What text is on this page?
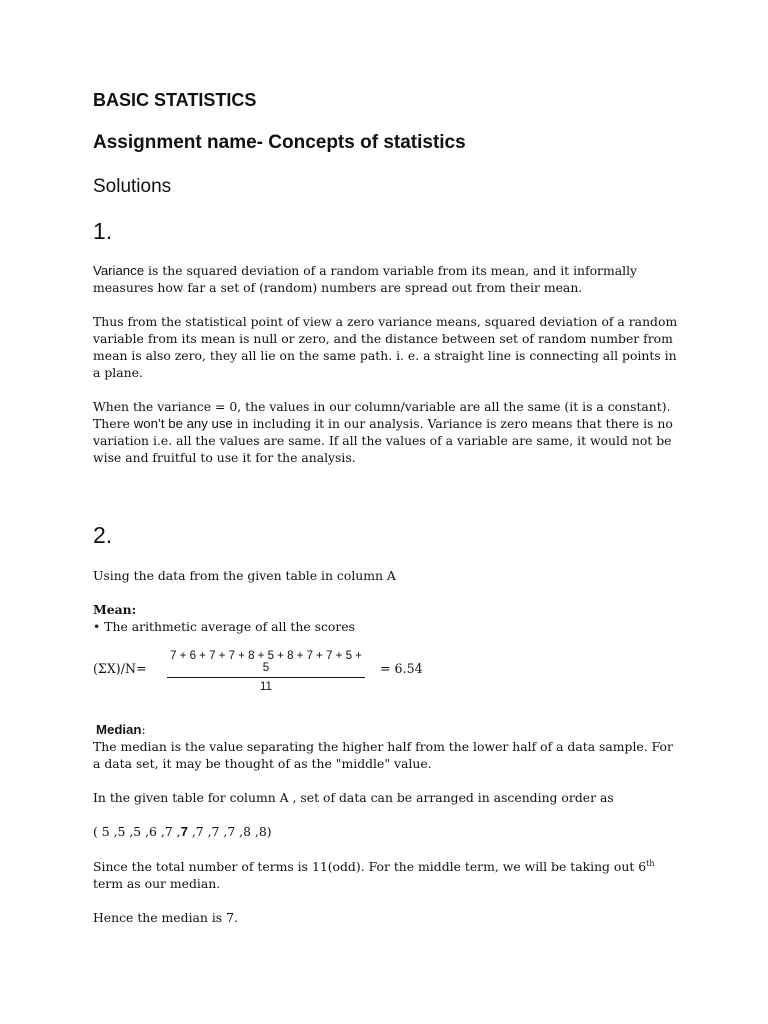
BASIC STATISTICS
Assignment name- Concepts of statistics
Solutions
1.

Variance is the squared deviation of a random variable from its mean, and it informally measures how far a set of (random) numbers are spread out from their mean.

Thus from the statistical point of view a zero variance means, squared deviation of a random variable from its mean is null or zero, and the distance between set of random number from mean is also zero, they all lie on the same path. i. e. a straight line is connecting all points in a plane.

When the variance = 0, the values in our column/variable are all the same (it is a constant). There won’t be any use in including it in our analysis. Variance is zero means that there is no variation i.e. all the values are same. If all the values of a variable are same, it would not be wise and fruitful to use it for the analysis.

2.

Using the data from the given table in column A

Mean:

• The arithmetic average of all the scores

$(\Sigma X)/N= \frac{7 + 6 + 7 + 7 + 8 + 5 + 8 + 7 + 7 + 5 + 5}{11} = 6.54$

Median:

The median is the value separating the higher half from the lower half of a data sample. For a data set, it may be thought of as the "middle" value.

In the given table for column A , set of data can be arranged in ascending order as

( 5 ,5 ,5 ,6 ,7 ,7 ,7 ,7 ,7 ,8 ,8)

Since the total number of terms is 11(odd). For the middle term, we will be taking out 6th term as our median.

Hence the median is 7.
